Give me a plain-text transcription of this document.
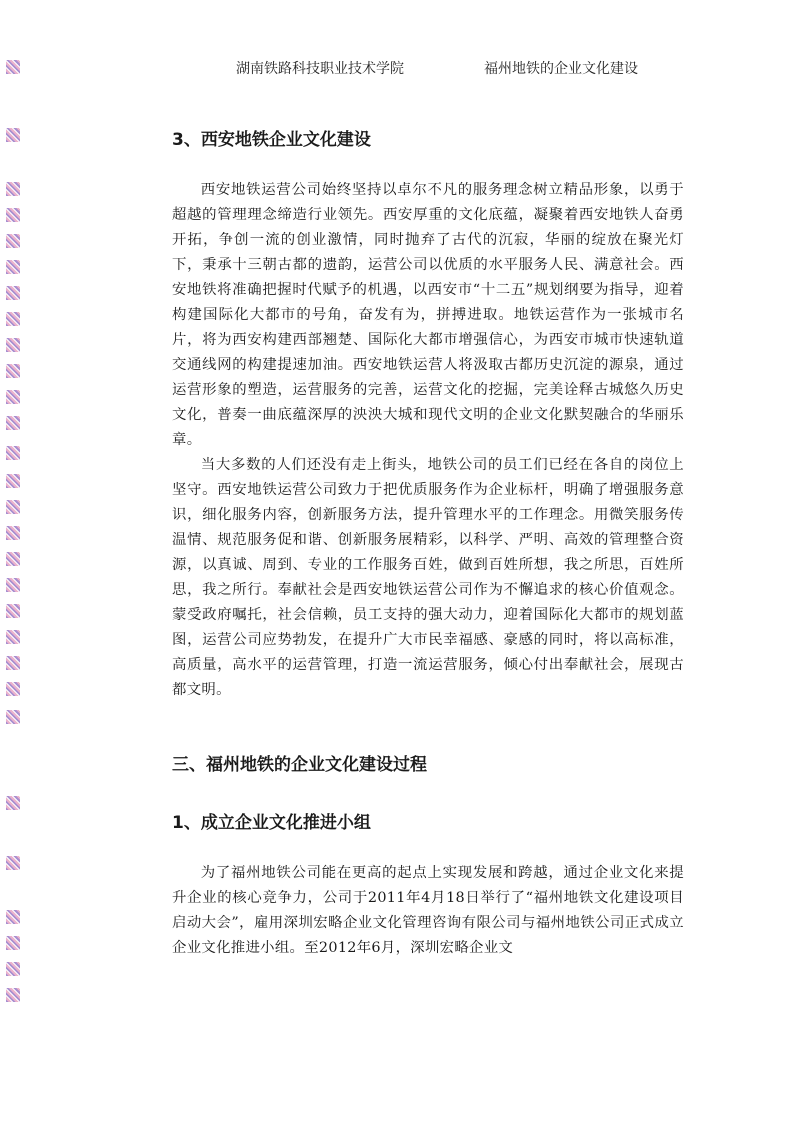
湖南铁路科技职业技术学院	福州地铁的企业文化建设
3、西安地铁企业文化建设

西安地铁运营公司始终坚持以卓尔不凡的服务理念树立精品形象，以勇于超越的管理理念缔造行业领先。西安厚重的文化底蕴，凝聚着西安地铁人奋勇开拓，争创一流的创业激情，同时抛弃了古代的沉寂，华丽的绽放在聚光灯下，秉承十三朝古都的遗韵，运营公司以优质的水平服务人民、满意社会。西安地铁将准确把握时代赋予的机遇，以西安市“十二五”规划纲要为指导，迎着构建国际化大都市的号角，奋发有为，拼搏进取。地铁运营作为一张城市名片，将为西安构建西部翘楚、国际化大都市增强信心，为西安市城市快速轨道交通线网的构建提速加油。西安地铁运营人将汲取古都历史沉淀的源泉，通过运营形象的塑造，运营服务的完善，运营文化的挖掘，完美诠释古城悠久历史文化，普奏一曲底蕴深厚的泱泱大城和现代文明的企业文化默契融合的华丽乐章。

当大多数的人们还没有走上街头，地铁公司的员工们已经在各自的岗位上坚守。西安地铁运营公司致力于把优质服务作为企业标杆，明确了增强服务意识，细化服务内容，创新服务方法，提升管理水平的工作理念。用微笑服务传温情、规范服务促和谐、创新服务展精彩，以科学、严明、高效的管理整合资源，以真诚、周到、专业的工作服务百姓，做到百姓所想，我之所思，百姓所思，我之所行。奉献社会是西安地铁运营公司作为不懈追求的核心价值观念。蒙受政府嘱托，社会信赖，员工支持的强大动力，迎着国际化大都市的规划蓝图，运营公司应势勃发，在提升广大市民幸福感、豪感的同时，将以高标准，高质量，高水平的运营管理，打造一流运营服务，倾心付出奉献社会，展现古都文明。

三、福州地铁的企业文化建设过程
1、成立企业文化推进小组

为了福州地铁公司能在更高的起点上实现发展和跨越，通过企业文化来提升企业的核心竞争力，公司于2011年4月18日举行了“福州地铁文化建设项目启动大会”，雇用深圳宏略企业文化管理咨询有限公司与福州地铁公司正式成立企业文化推进小组。至2012年6月，深圳宏略企业文
